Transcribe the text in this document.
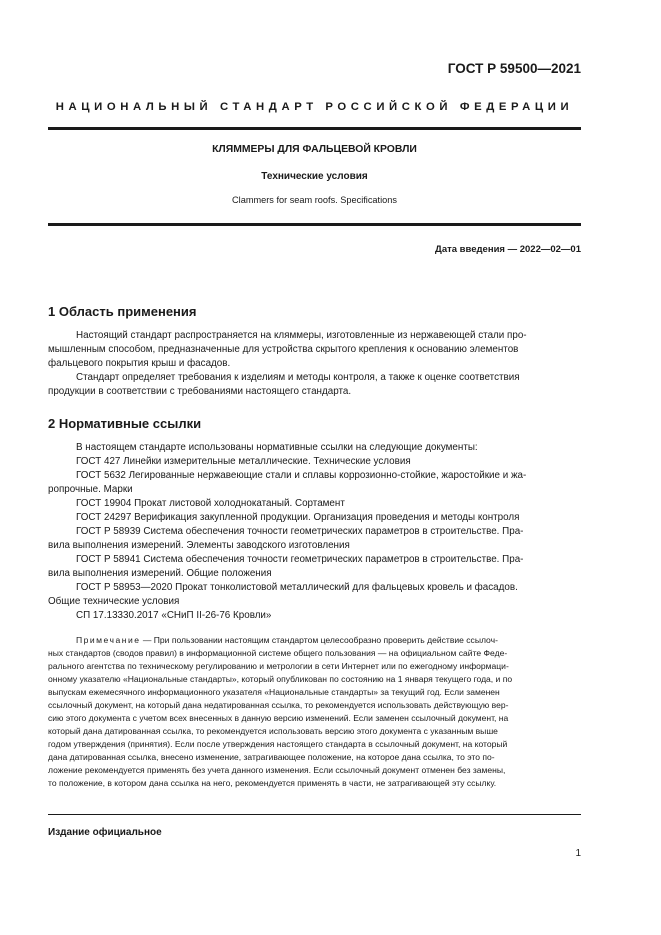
ГОСТ Р 59500—2021
НАЦИОНАЛЬНЫЙ СТАНДАРТ РОССИЙСКОЙ ФЕДЕРАЦИИ
КЛЯММЕРЫ ДЛЯ ФАЛЬЦЕВОЙ КРОВЛИ
Технические условия
Clammers for seam roofs. Specifications
Дата введения — 2022—02—01
1 Область применения
Настоящий стандарт распространяется на кляммеры, изготовленные из нержавеющей стали про-
мышленным способом, предназначенные для устройства скрытого крепления к основанию элементов
фальцевого покрытия крыш и фасадов.
Стандарт определяет требования к изделиям и методы контроля, а также к оценке соответствия
продукции в соответствии с требованиями настоящего стандарта.
2 Нормативные ссылки
В настоящем стандарте использованы нормативные ссылки на следующие документы:
ГОСТ 427 Линейки измерительные металлические. Технические условия
ГОСТ 5632 Легированные нержавеющие стали и сплавы коррозионно-стойкие, жаростойкие и жа-
ропрочные. Марки
ГОСТ 19904 Прокат листовой холоднокатаный. Сортамент
ГОСТ 24297 Верификация закупленной продукции. Организация проведения и методы контроля
ГОСТ Р 58939 Система обеспечения точности геометрических параметров в строительстве. Пра-
вила выполнения измерений. Элементы заводского изготовления
ГОСТ Р 58941 Система обеспечения точности геометрических параметров в строительстве. Пра-
вила выполнения измерений. Общие положения
ГОСТ Р 58953—2020 Прокат тонколистовой металлический для фальцевых кровель и фасадов.
Общие технические условия
СП 17.13330.2017 «СНиП II-26-76 Кровли»
Примечание — При пользовании настоящим стандартом целесообразно проверить действие ссылоч-
ных стандартов (сводов правил) в информационной системе общего пользования — на официальном сайте Феде-
рального агентства по техническому регулированию и метрологии в сети Интернет или по ежегодному информаци-
онному указателю «Национальные стандарты», который опубликован по состоянию на 1 января текущего года, и по
выпускам ежемесячного информационного указателя «Национальные стандарты» за текущий год. Если заменен
ссылочный документ, на который дана недатированная ссылка, то рекомендуется использовать действующую вер-
сию этого документа с учетом всех внесенных в данную версию изменений. Если заменен ссылочный документ, на
который дана датированная ссылка, то рекомендуется использовать версию этого документа с указанным выше
годом утверждения (принятия). Если после утверждения настоящего стандарта в ссылочный документ, на который
дана датированная ссылка, внесено изменение, затрагивающее положение, на которое дана ссылка, то это по-
ложение рекомендуется применять без учета данного изменения. Если ссылочный документ отменен без замены,
то положение, в котором дана ссылка на него, рекомендуется применять в части, не затрагивающей эту ссылку.
Издание официальное
1
